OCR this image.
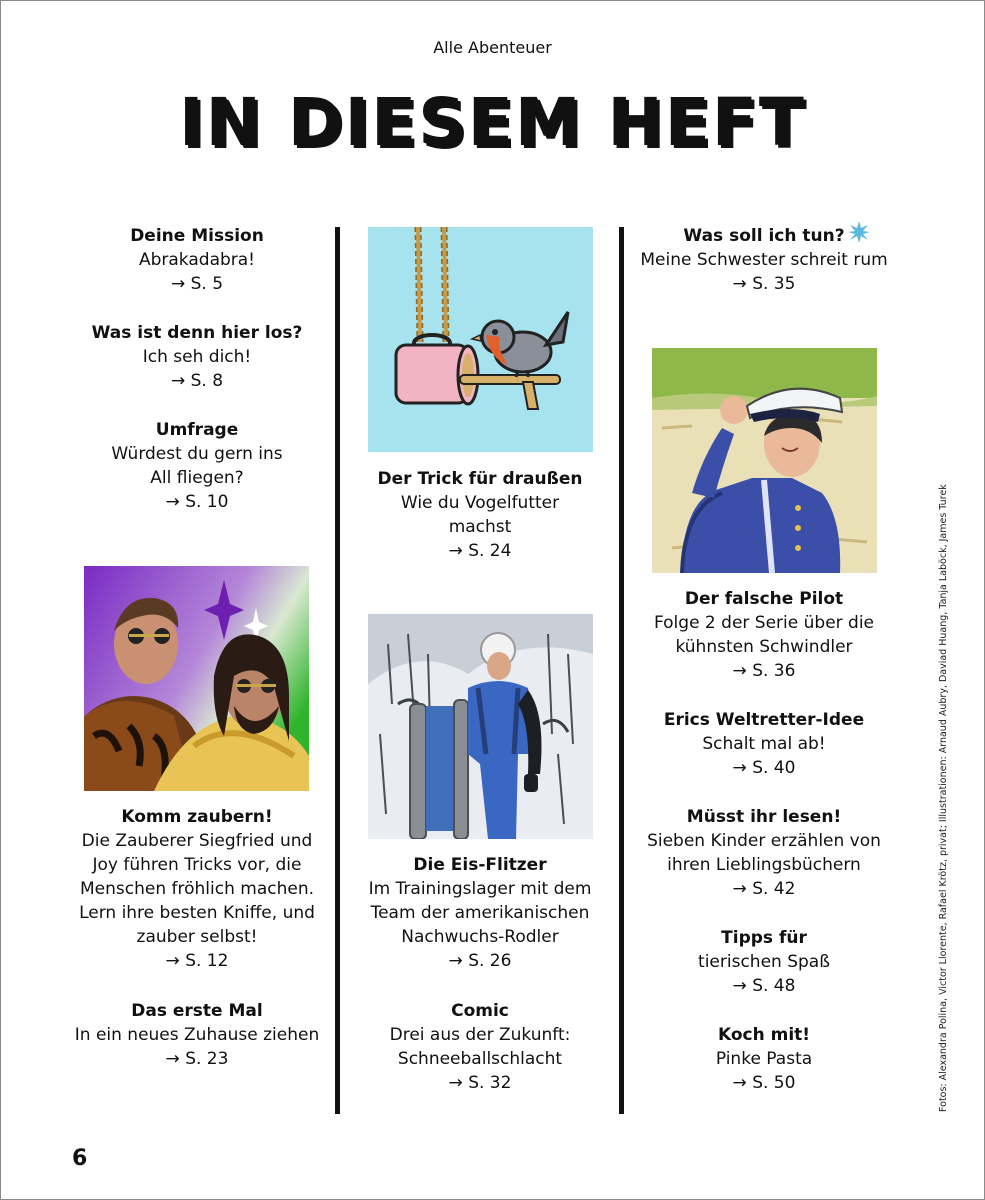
Alle Abenteuer
IN DIESEM HEFT
Deine Mission
Abrakadabra!
→ S. 5
Was ist denn hier los?
Ich seh dich!
→ S. 8
Umfrage
Würdest du gern ins
All fliegen?
→ S. 10
Komm zaubern!
Die Zauberer Siegfried und
Joy führen Tricks vor, die
Menschen fröhlich machen.
Lern ihre besten Kniffe, und
zauber selbst!
→ S. 12
Das erste Mal
In ein neues Zuhause ziehen
→ S. 23
Der Trick für draußen
Wie du Vogelfutter
machst
→ S. 24
Die Eis-Flitzer
Im Trainingslager mit dem
Team der amerikanischen
Nachwuchs-Rodler
→ S. 26
Comic
Drei aus der Zukunft:
Schneeballschlacht
→ S. 32
Was soll ich tun?
Meine Schwester schreit rum
→ S. 35
Der falsche Pilot
Folge 2 der Serie über die
kühnsten Schwindler
→ S. 36
Erics Weltretter-Idee
Schalt mal ab!
→ S. 40
Müsst ihr lesen!
Sieben Kinder erzählen von
ihren Lieblingsbüchern
→ S. 42
Tipps für
tierischen Spaß
→ S. 48
Koch mit!
Pinke Pasta
→ S. 50
6
Fotos: Alexandra Polina, Victor Llorente, Rafael Krötz, privat; Illustrationen: Arnaud Aubry, Daviad Huang, Tanja Laböck, James Turek
